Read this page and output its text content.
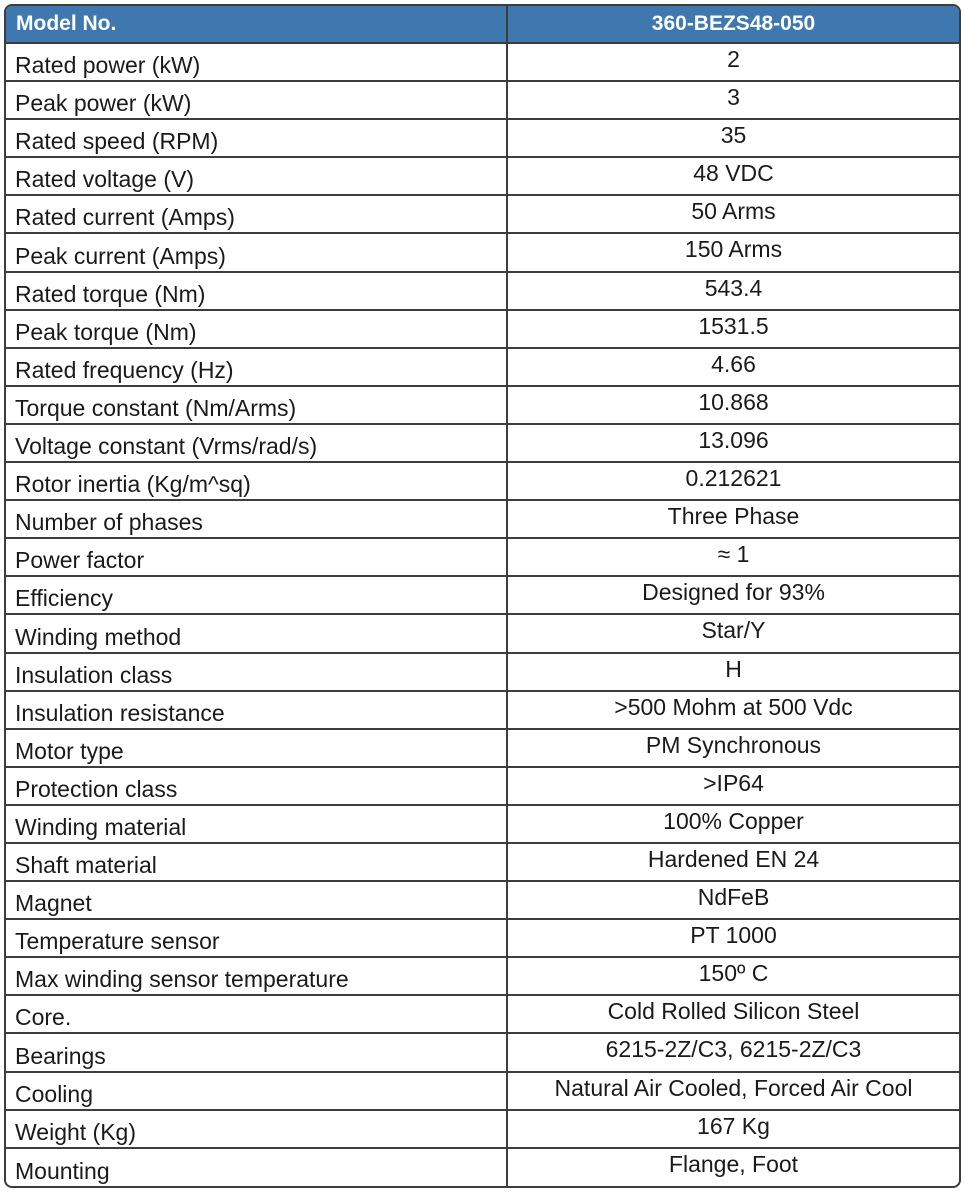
Model No.	360-BEZS48-050
Rated power (kW)	2
Peak power (kW)	3
Rated speed (RPM)	35
Rated voltage (V)	48 VDC
Rated current (Amps)	50 Arms
Peak current (Amps)	150 Arms
Rated torque (Nm)	543.4
Peak torque (Nm)	1531.5
Rated frequency (Hz)	4.66
Torque constant (Nm/Arms)	10.868
Voltage constant (Vrms/rad/s)	13.096
Rotor inertia (Kg/m^sq)	0.212621
Number of phases	Three Phase
Power factor	≈ 1
Efficiency	Designed for 93%
Winding method	Star/Y
Insulation class	H
Insulation resistance	>500 Mohm at 500 Vdc
Motor type	PM Synchronous
Protection class	>IP64
Winding material	100% Copper
Shaft material	Hardened EN 24
Magnet	NdFeB
Temperature sensor	PT 1000
Max winding sensor temperature	150º C
Core.	Cold Rolled Silicon Steel
Bearings	6215-2Z/C3, 6215-2Z/C3
Cooling	Natural Air Cooled, Forced Air Cool
Weight (Kg)	167 Kg
Mounting	Flange, Foot
